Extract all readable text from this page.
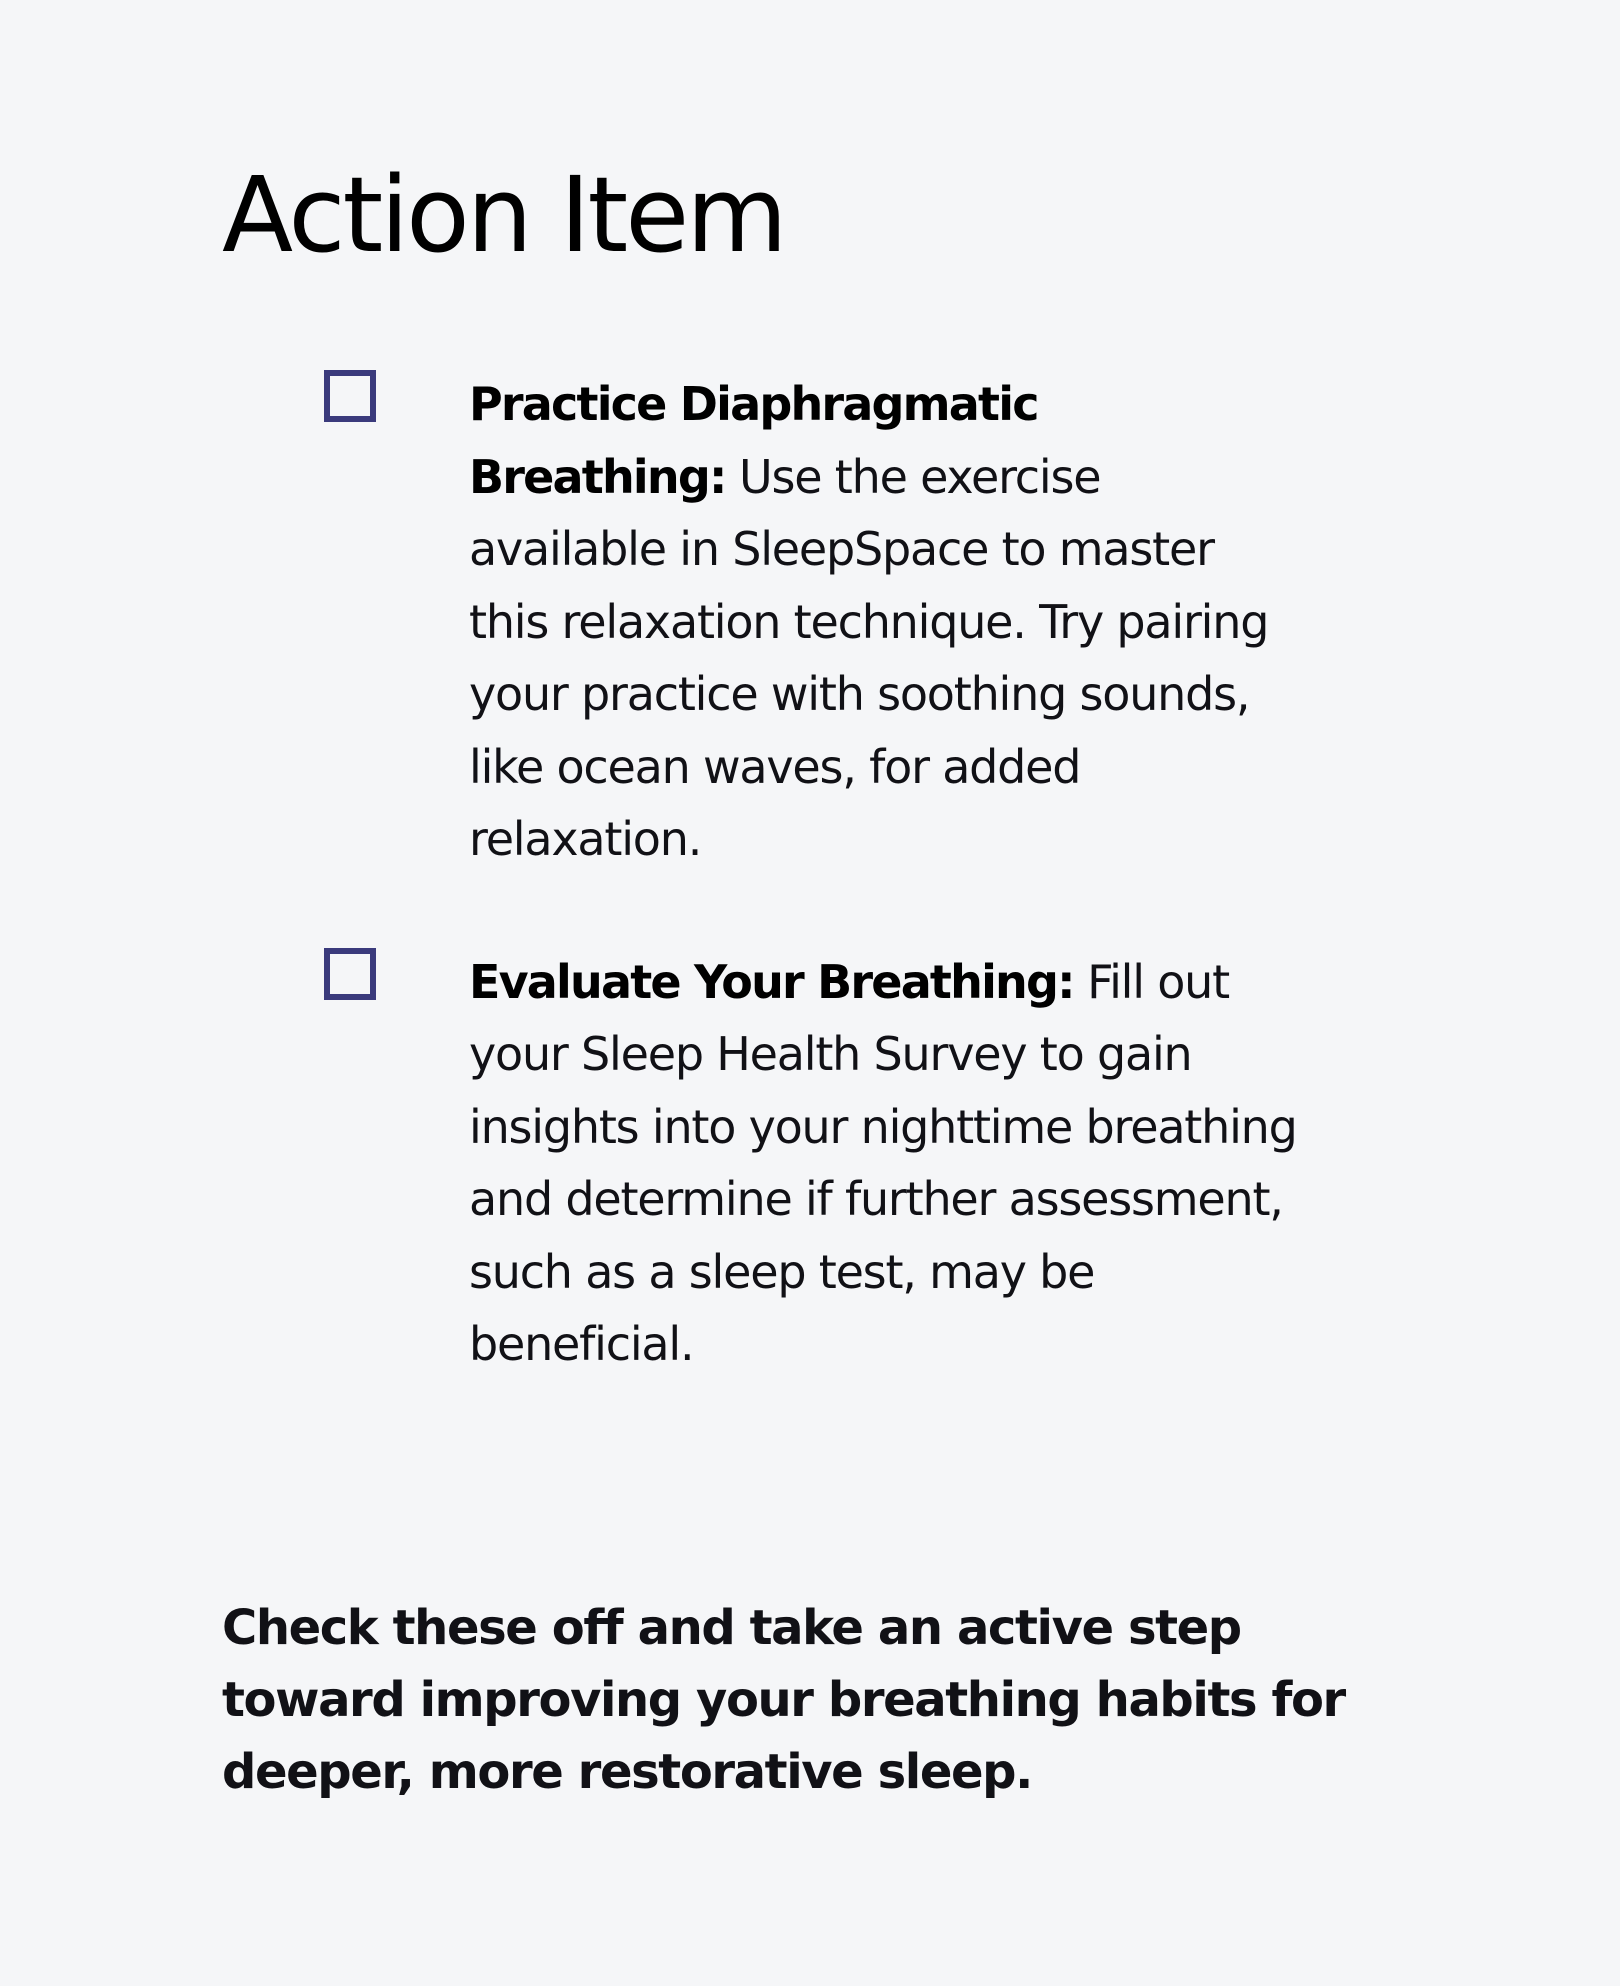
Action Item

Practice Diaphragmatic Breathing: Use the exercise available in SleepSpace to master this relaxation technique. Try pairing your practice with soothing sounds, like ocean waves, for added relaxation.

Evaluate Your Breathing: Fill out your Sleep Health Survey to gain insights into your nighttime breathing and determine if further assessment, such as a sleep test, may be beneficial.

Check these off and take an active step toward improving your breathing habits for deeper, more restorative sleep.
